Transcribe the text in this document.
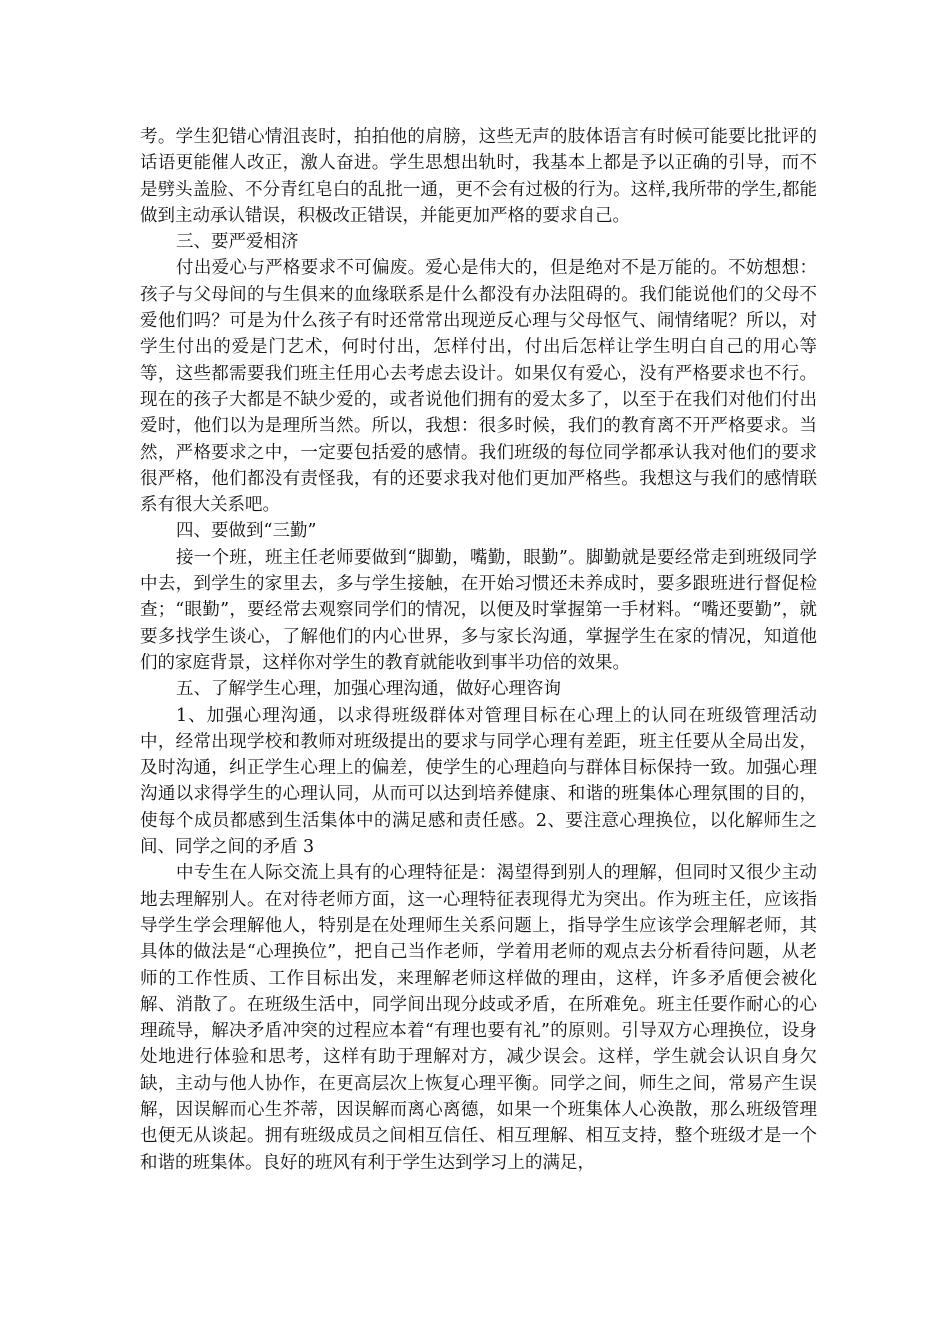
考。学生犯错心情沮丧时，拍拍他的肩膀，这些无声的肢体语言有时候可能要比批评的话语更能催人改正，激人奋进。学生思想出轨时，我基本上都是予以正确的引导，而不是劈头盖脸、不分青红皂白的乱批一通，更不会有过极的行为。这样,我所带的学生,都能做到主动承认错误，积极改正错误，并能更加严格的要求自己。

三、要严爱相济

付出爱心与严格要求不可偏废。爱心是伟大的，但是绝对不是万能的。不妨想想：孩子与父母间的与生俱来的血缘联系是什么都没有办法阻碍的。我们能说他们的父母不爱他们吗？可是为什么孩子有时还常常出现逆反心理与父母怄气、闹情绪呢？所以，对学生付出的爱是门艺术，何时付出，怎样付出，付出后怎样让学生明白自己的用心等等，这些都需要我们班主任用心去考虑去设计。如果仅有爱心，没有严格要求也不行。现在的孩子大都是不缺少爱的，或者说他们拥有的爱太多了，以至于在我们对他们付出爱时，他们以为是理所当然。所以，我想：很多时候，我们的教育离不开严格要求。当然，严格要求之中，一定要包括爱的感情。我们班级的每位同学都承认我对他们的要求很严格，他们都没有责怪我，有的还要求我对他们更加严格些。我想这与我们的感情联系有很大关系吧。

四、要做到“三勤”

接一个班，班主任老师要做到“脚勤，嘴勤，眼勤”。脚勤就是要经常走到班级同学中去，到学生的家里去，多与学生接触，在开始习惯还未养成时，要多跟班进行督促检查；“眼勤”，要经常去观察同学们的情况，以便及时掌握第一手材料。“嘴还要勤”，就要多找学生谈心，了解他们的内心世界，多与家长沟通，掌握学生在家的情况，知道他们的家庭背景，这样你对学生的教育就能收到事半功倍的效果。

五、了解学生心理，加强心理沟通，做好心理咨询

1、加强心理沟通，以求得班级群体对管理目标在心理上的认同在班级管理活动中，经常出现学校和教师对班级提出的要求与同学心理有差距，班主任要从全局出发，及时沟通，纠正学生心理上的偏差，使学生的心理趋向与群体目标保持一致。加强心理沟通以求得学生的心理认同，从而可以达到培养健康、和谐的班集体心理氛围的目的，使每个成员都感到生活集体中的满足感和责任感。2、要注意心理换位，以化解师生之间、同学之间的矛盾 3

中专生在人际交流上具有的心理特征是：渴望得到别人的理解，但同时又很少主动地去理解别人。在对待老师方面，这一心理特征表现得尤为突出。作为班主任，应该指导学生学会理解他人，特别是在处理师生关系问题上，指导学生应该学会理解老师，其具体的做法是“心理换位”，把自己当作老师，学着用老师的观点去分析看待问题，从老师的工作性质、工作目标出发，来理解老师这样做的理由，这样，许多矛盾便会被化解、消散了。在班级生活中，同学间出现分歧或矛盾，在所难免。班主任要作耐心的心理疏导，解决矛盾冲突的过程应本着“有理也要有礼”的原则。引导双方心理换位，设身处地进行体验和思考，这样有助于理解对方，减少误会。这样，学生就会认识自身欠缺，主动与他人协作，在更高层次上恢复心理平衡。同学之间，师生之间，常易产生误解，因误解而心生芥蒂，因误解而离心离德，如果一个班集体人心涣散，那么班级管理也便无从谈起。拥有班级成员之间相互信任、相互理解、相互支持，整个班级才是一个和谐的班集体。良好的班风有利于学生达到学习上的满足，
